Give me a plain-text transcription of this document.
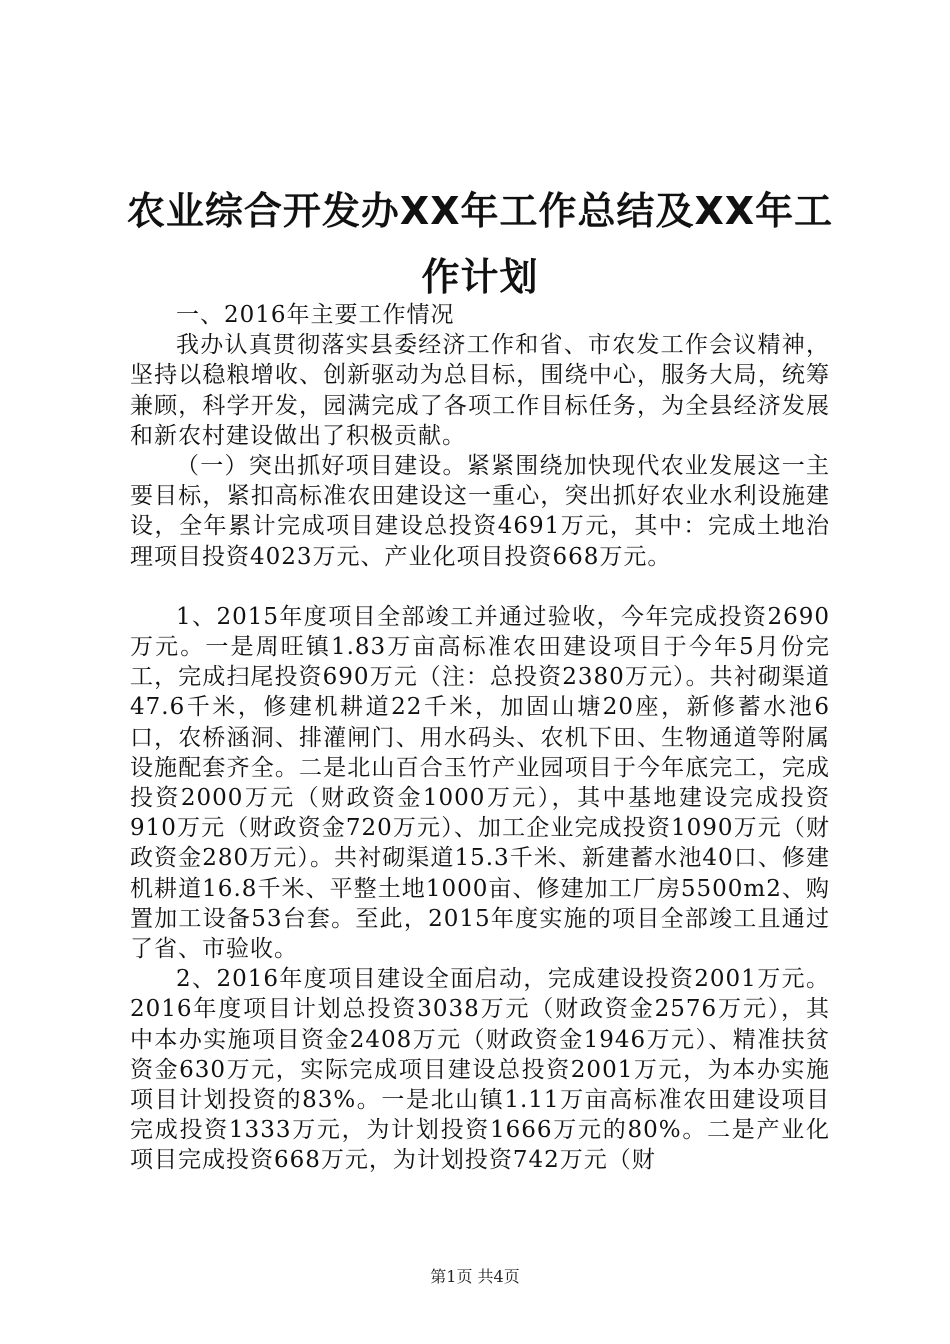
农业综合开发办XX年工作总结及XX年工作计划

一、2016年主要工作情况

我办认真贯彻落实县委经济工作和省、市农发工作会议精神，坚持以稳粮增收、创新驱动为总目标，围绕中心，服务大局，统筹兼顾，科学开发，园满完成了各项工作目标任务，为全县经济发展和新农村建设做出了积极贡献。

（一）突出抓好项目建设。紧紧围绕加快现代农业发展这一主要目标，紧扣高标准农田建设这一重心，突出抓好农业水利设施建设，全年累计完成项目建设总投资4691万元，其中：完成土地治理项目投资4023万元、产业化项目投资668万元。

1、2015年度项目全部竣工并通过验收，今年完成投资2690万元。一是周旺镇1.83万亩高标准农田建设项目于今年5月份完工，完成扫尾投资690万元（注：总投资2380万元）。共衬砌渠道47.6千米，修建机耕道22千米，加固山塘20座，新修蓄水池6口，农桥涵洞、排灌闸门、用水码头、农机下田、生物通道等附属设施配套齐全。二是北山百合玉竹产业园项目于今年底完工，完成投资2000万元（财政资金1000万元），其中基地建设完成投资910万元（财政资金720万元）、加工企业完成投资1090万元（财政资金280万元）。共衬砌渠道15.3千米、新建蓄水池40口、修建机耕道16.8千米、平整土地1000亩、修建加工厂房5500m2、购置加工设备53台套。至此，2015年度实施的项目全部竣工且通过了省、市验收。

2、2016年度项目建设全面启动，完成建设投资2001万元。2016年度项目计划总投资3038万元（财政资金2576万元），其中本办实施项目资金2408万元（财政资金1946万元）、精准扶贫资金630万元，实际完成项目建设总投资2001万元，为本办实施项目计划投资的83%。一是北山镇1.11万亩高标准农田建设项目完成投资1333万元，为计划投资1666万元的80%。二是产业化项目完成投资668万元，为计划投资742万元（财

第1页 共4页
